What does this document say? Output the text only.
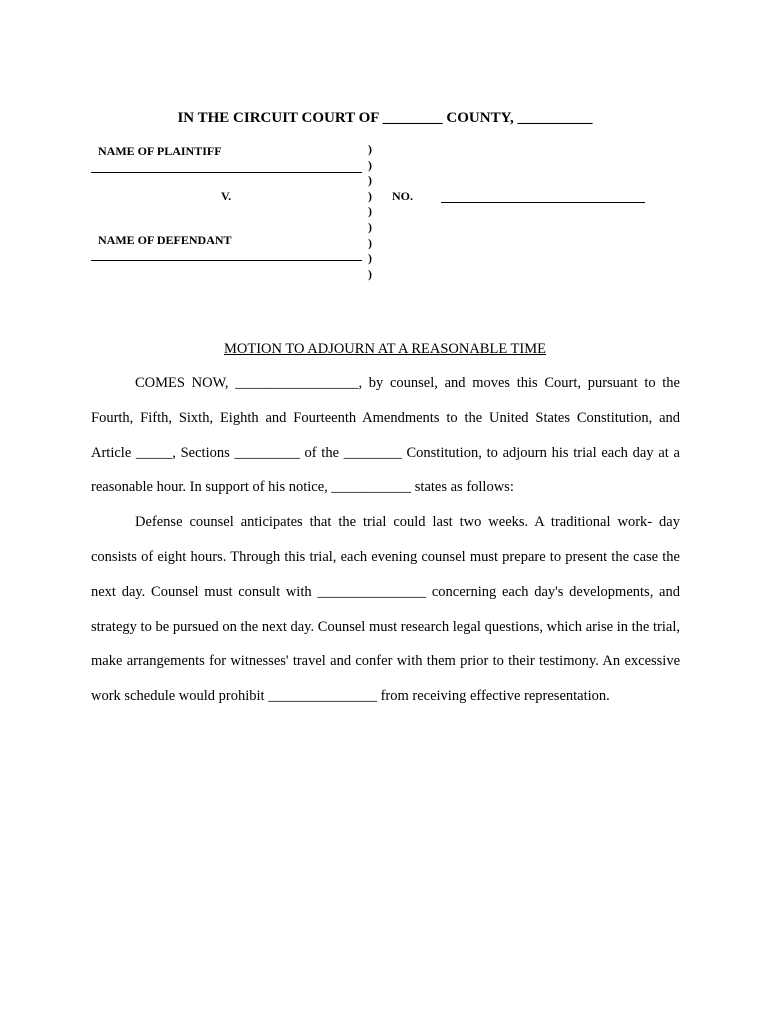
IN THE CIRCUIT COURT OF ________ COUNTY, __________
NAME OF PLAINTIFF
V.
NAME OF DEFENDANT
)
)
)
)
)
)
)
)
)
NO.
MOTION TO ADJOURN AT A REASONABLE TIME

COMES NOW, _________________, by counsel, and moves this Court, pursuant to the Fourth, Fifth, Sixth, Eighth and Fourteenth Amendments to the United States Constitution, and Article _____, Sections _________ of the ________ Constitution, to adjourn his trial each day at a reasonable hour. In support of his notice, ___________ states as follows:

Defense counsel anticipates that the trial could last two weeks. A traditional work- day consists of eight hours. Through this trial, each evening counsel must prepare to present the case the next day. Counsel must consult with _______________ concerning each day's developments, and strategy to be pursued on the next day. Counsel must research legal questions, which arise in the trial, make arrangements for witnesses' travel and confer with them prior to their testimony. An excessive work schedule would prohibit _______________ from receiving effective representation.
